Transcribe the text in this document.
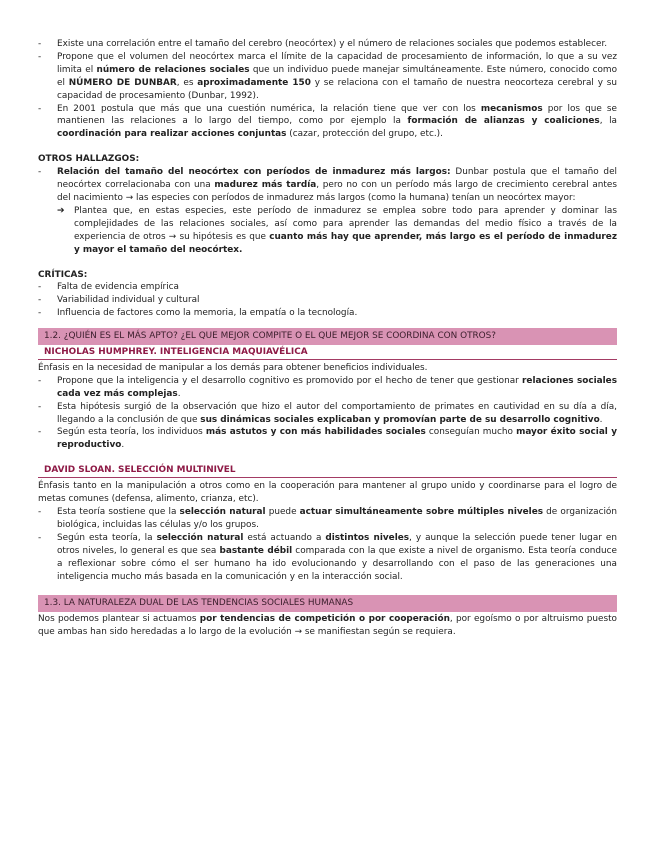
- Existe una correlación entre el tamaño del cerebro (neocórtex) y el número de relaciones sociales que podemos establecer.
- Propone que el volumen del neocórtex marca el límite de la capacidad de procesamiento de información, lo que a su vez limita el número de relaciones sociales que un individuo puede manejar simultáneamente. Este número, conocido como el NÚMERO DE DUNBAR, es aproximadamente 150 y se relaciona con el tamaño de nuestra neocorteza cerebral y su capacidad de procesamiento (Dunbar, 1992).
- En 2001 postula que más que una cuestión numérica, la relación tiene que ver con los mecanismos por los que se mantienen las relaciones a lo largo del tiempo, como por ejemplo la formación de alianzas y coaliciones, la coordinación para realizar acciones conjuntas (cazar, protección del grupo, etc.).
OTROS HALLAZGOS:
- Relación del tamaño del neocórtex con períodos de inmadurez más largos: Dunbar postula que el tamaño del neocórtex correlacionaba con una madurez más tardía, pero no con un período más largo de crecimiento cerebral antes del nacimiento → las especies con períodos de inmadurez más largos (como la humana) tenían un neocórtex mayor:
➔ Plantea que, en estas especies, este período de inmadurez se emplea sobre todo para aprender y dominar las complejidades de las relaciones sociales, así como para aprender las demandas del medio físico a través de la experiencia de otros → su hipótesis es que cuanto más hay que aprender, más largo es el período de inmadurez y mayor el tamaño del neocórtex.
CRÍTICAS:
- Falta de evidencia empírica
- Variabilidad individual y cultural
- Influencia de factores como la memoria, la empatía o la tecnología.
1.2. ¿QUIÉN ES EL MÁS APTO? ¿EL QUE MEJOR COMPITE O EL QUE MEJOR SE COORDINA CON OTROS?
NICHOLAS HUMPHREY. INTELIGENCIA MAQUIAVÉLICA

Énfasis en la necesidad de manipular a los demás para obtener beneficios individuales.

- Propone que la inteligencia y el desarrollo cognitivo es promovido por el hecho de tener que gestionar relaciones sociales cada vez más complejas.
- Esta hipótesis surgió de la observación que hizo el autor del comportamiento de primates en cautividad en su día a día, llegando a la conclusión de que sus dinámicas sociales explicaban y promovían parte de su desarrollo cognitivo.
- Según esta teoría, los individuos más astutos y con más habilidades sociales conseguían mucho mayor éxito social y reproductivo.
DAVID SLOAN. SELECCIÓN MULTINIVEL

Énfasis tanto en la manipulación a otros como en la cooperación para mantener al grupo unido y coordinarse para el logro de metas comunes (defensa, alimento, crianza, etc).

- Esta teoría sostiene que la selección natural puede actuar simultáneamente sobre múltiples niveles de organización biológica, incluidas las células y/o los grupos.
- Según esta teoría, la selección natural está actuando a distintos niveles, y aunque la selección puede tener lugar en otros niveles, lo general es que sea bastante débil comparada con la que existe a nivel de organismo. Esta teoría conduce a reflexionar sobre cómo el ser humano ha ido evolucionando y desarrollando con el paso de las generaciones una inteligencia mucho más basada en la comunicación y en la interacción social.
1.3. LA NATURALEZA DUAL DE LAS TENDENCIAS SOCIALES HUMANAS

Nos podemos plantear si actuamos por tendencias de competición o por cooperación, por egoísmo o por altruismo puesto que ambas han sido heredadas a lo largo de la evolución → se manifiestan según se requiera.
